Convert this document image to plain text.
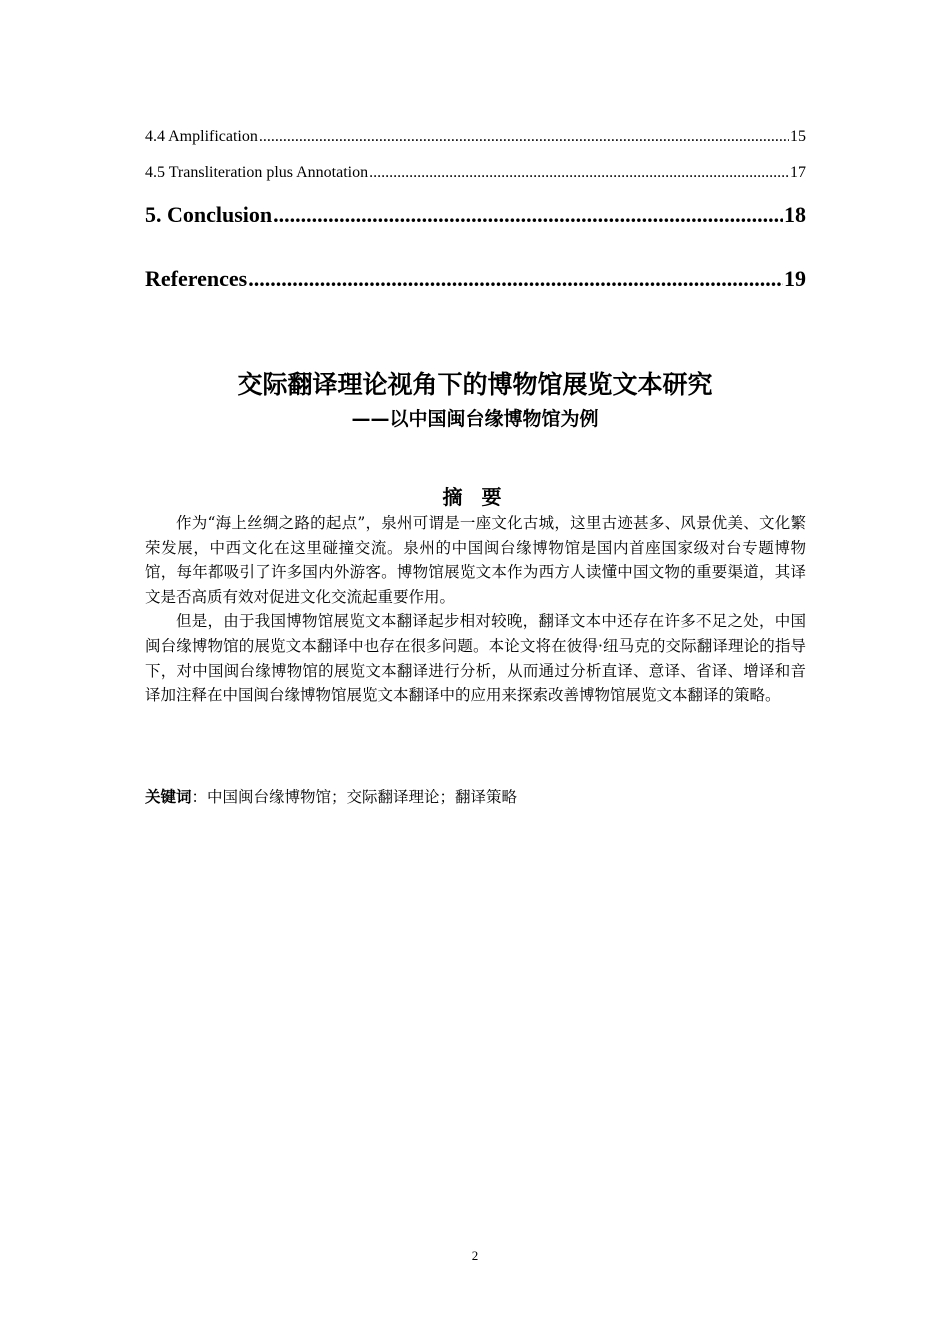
4.4 Amplification .....	15
4.5 Transliteration plus Annotation .....	17
5. Conclusion .....	18
References .....	19
交际翻译理论视角下的博物馆展览文本研究
——以中国闽台缘博物馆为例
摘 要

作为“海上丝绸之路的起点”，泉州可谓是一座文化古城，这里古迹甚多、风景优美、文化繁荣发展，中西文化在这里碰撞交流。泉州的中国闽台缘博物馆是国内首座国家级对台专题博物馆，每年都吸引了许多国内外游客。博物馆展览文本作为西方人读懂中国文物的重要渠道，其译文是否高质有效对促进文化交流起重要作用。

但是，由于我国博物馆展览文本翻译起步相对较晚，翻译文本中还存在许多不足之处，中国闽台缘博物馆的展览文本翻译中也存在很多问题。本论文将在彼得·纽马克的交际翻译理论的指导下，对中国闽台缘博物馆的展览文本翻译进行分析，从而通过分析直译、意译、省译、增译和音译加注释在中国闽台缘博物馆展览文本翻译中的应用来探索改善博物馆展览文本翻译的策略。

关键词：中国闽台缘博物馆；交际翻译理论；翻译策略
2
